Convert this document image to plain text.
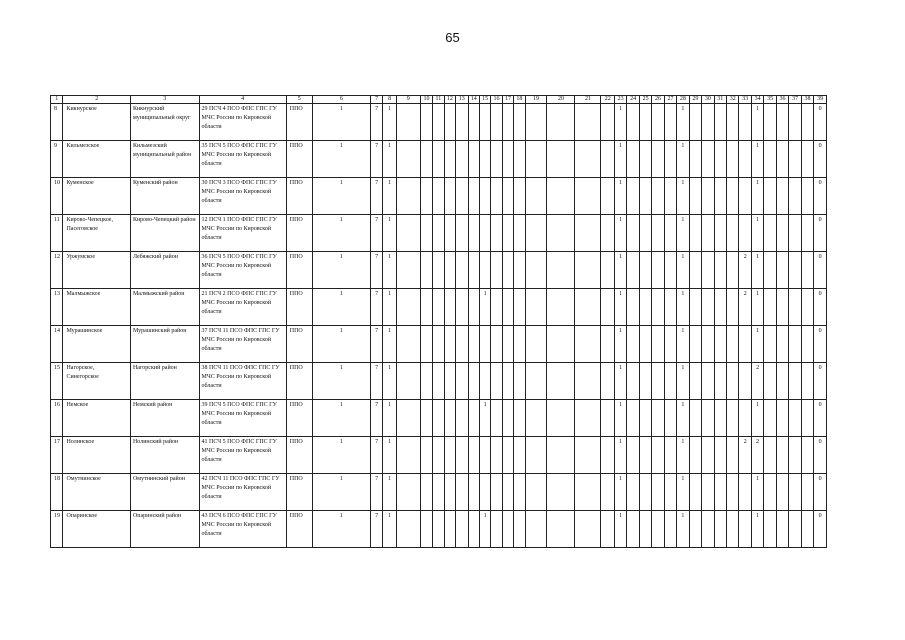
65
1	2	3	4	5	6	7	8	9	10	11	12	13	14	15	16	17	18	19	20	21	22	23	24	25	26	27	28	29	30	31	32	33	34	35	36	37	38	39
8	Кикнурское	Кикнурский муниципальный округ	29 ПСЧ 4 ПСО ФПС ГПС ГУ МЧС России по Кировской области	ППО	1	7	1															1					1						1					0
9	Кильмезское	Кильмезский муниципальный район	35 ПСЧ 5 ПСО ФПС ГПС ГУ МЧС России по Кировской области	ППО	1	7	1															1					1						1					0
10	Куменское	Куменский район	30 ПСЧ 3 ПСО ФПС ГПС ГУ МЧС России по Кировской области	ППО	1	7	1															1					1						1					0
11	Кирово-Чепецкое, Пасеговское	Кирово-Чепецкий район	12 ПСЧ 1 ПСО ФПС ГПС ГУ МЧС России по Кировской области	ППО	1	7	1															1					1						1					0
12	Уржумское	Лебяжский район	36 ПСЧ 5 ПСО ФПС ГПС ГУ МЧС России по Кировской области	ППО	1	7	1															1					1					2	1					0
13	Малмыжское	Малмыжский район	21 ПСЧ 2 ПСО ФПС ГПС ГУ МЧС России по Кировской области	ППО	1	7	1							1								1					1					2	1					0
14	Мурашинское	Мурашинский район	37 ПСЧ 11 ПСО ФПС ГПС ГУ МЧС России по Кировской области	ППО	1	7	1															1					1						1					0
15	Нагорское, Синегорское	Нагорский район	38 ПСЧ 11 ПСО ФПС ГПС ГУ МЧС России по Кировской области	ППО	1	7	1															1					1						2					0
16	Немское	Немский район	39 ПСЧ 5 ПСО ФПС ГПС ГУ МЧС России по Кировской области	ППО	1	7	1							1								1					1						1					0
17	Нолинское	Нолинский район	41 ПСЧ 5 ПСО ФПС ГПС ГУ МЧС России по Кировской области	ППО	1	7	1															1					1					2	2					0
18	Омутнинское	Омутнинский район	42 ПСЧ 11 ПСО ФПС ГПС ГУ МЧС России по Кировской области	ППО	1	7	1															1					1						1					0
19	Опаринское	Опаринский район	43 ПСЧ 6 ПСО ФПС ГПС ГУ МЧС России по Кировской области	ППО	1	7	1							1								1					1						1					0
